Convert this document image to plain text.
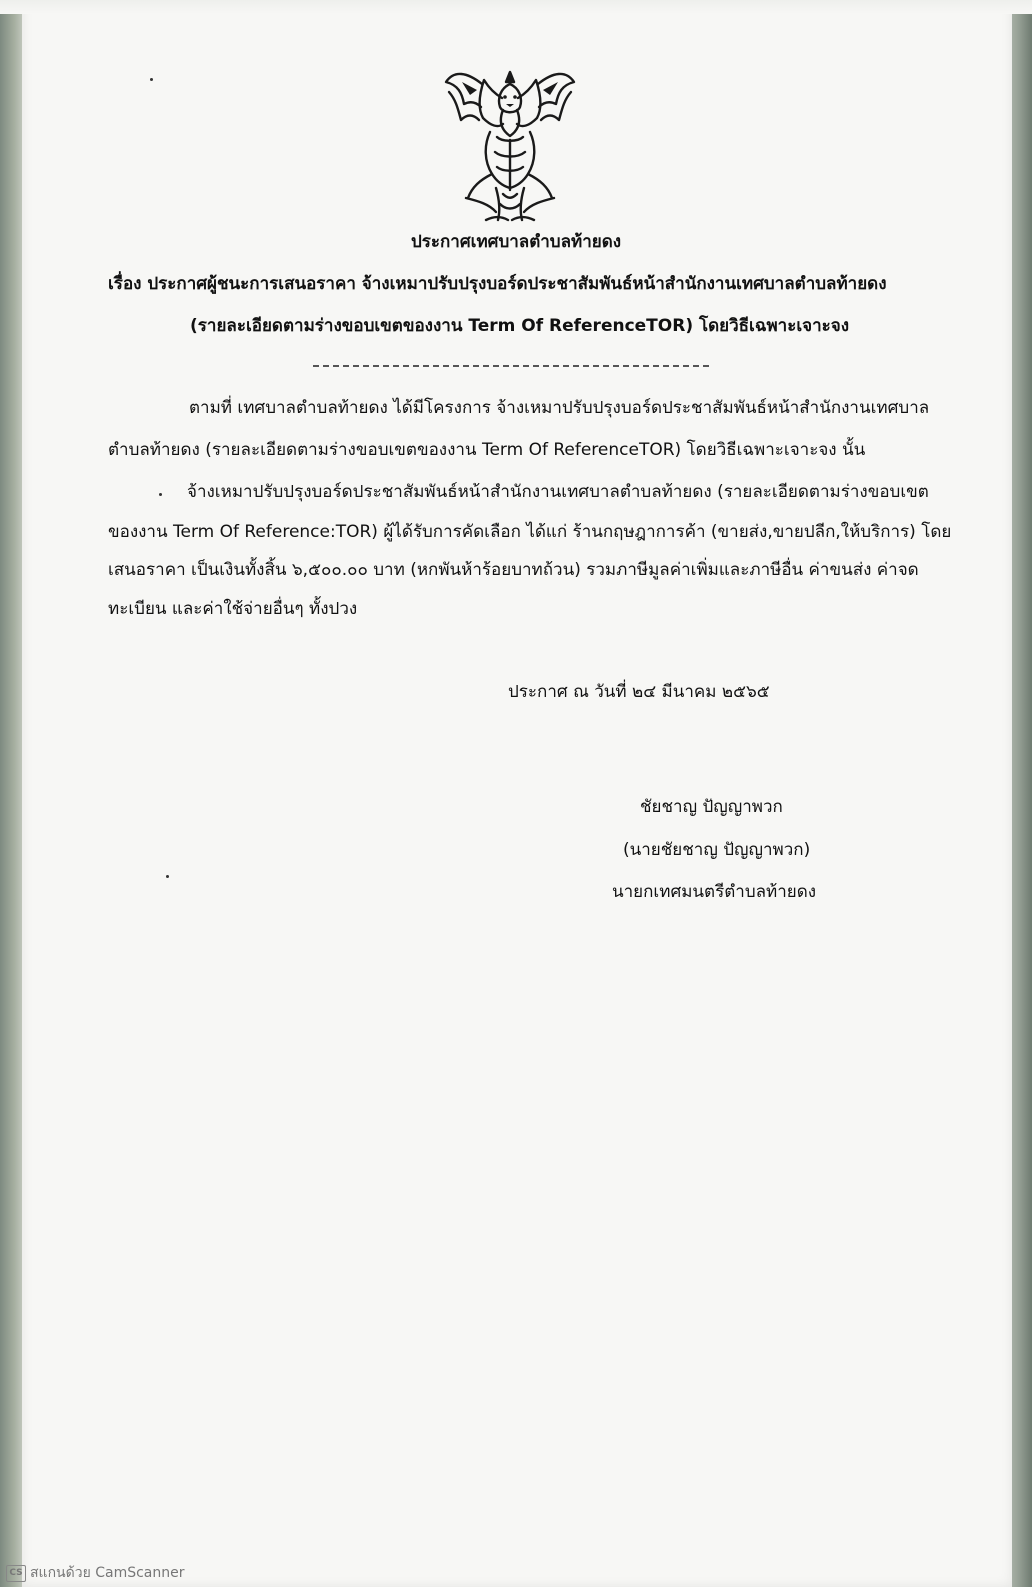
ประกาศเทศบาลตำบลท้ายดง
เรื่อง ประกาศผู้ชนะการเสนอราคา จ้างเหมาปรับปรุงบอร์ดประชาสัมพันธ์หน้าสำนักงานเทศบาลตำบลท้ายดง
(รายละเอียดตามร่างขอบเขตของงาน Term Of ReferenceTOR) โดยวิธีเฉพาะเจาะจง
ตามที่ เทศบาลตำบลท้ายดง ได้มีโครงการ จ้างเหมาปรับปรุงบอร์ดประชาสัมพันธ์หน้าสำนักงานเทศบาล
ตำบลท้ายดง (รายละเอียดตามร่างขอบเขตของงาน Term Of ReferenceTOR) โดยวิธีเฉพาะเจาะจง นั้น
จ้างเหมาปรับปรุงบอร์ดประชาสัมพันธ์หน้าสำนักงานเทศบาลตำบลท้ายดง (รายละเอียดตามร่างขอบเขต
ของงาน Term Of Reference:TOR) ผู้ได้รับการคัดเลือก ได้แก่ ร้านกฤษฎาการค้า (ขายส่ง,ขายปลีก,ให้บริการ) โดย
เสนอราคา เป็นเงินทั้งสิ้น ๖,๕๐๐.๐๐ บาท (หกพันห้าร้อยบาทถ้วน) รวมภาษีมูลค่าเพิ่มและภาษีอื่น ค่าขนส่ง ค่าจด
ทะเบียน และค่าใช้จ่ายอื่นๆ ทั้งปวง
ประกาศ ณ วันที่ ๒๔ มีนาคม ๒๕๖๕
ชัยชาญ ปัญญาพวก
(นายชัยชาญ ปัญญาพวก)
นายกเทศมนตรีตำบลท้ายดง
CS สแกนด้วย CamScanner
